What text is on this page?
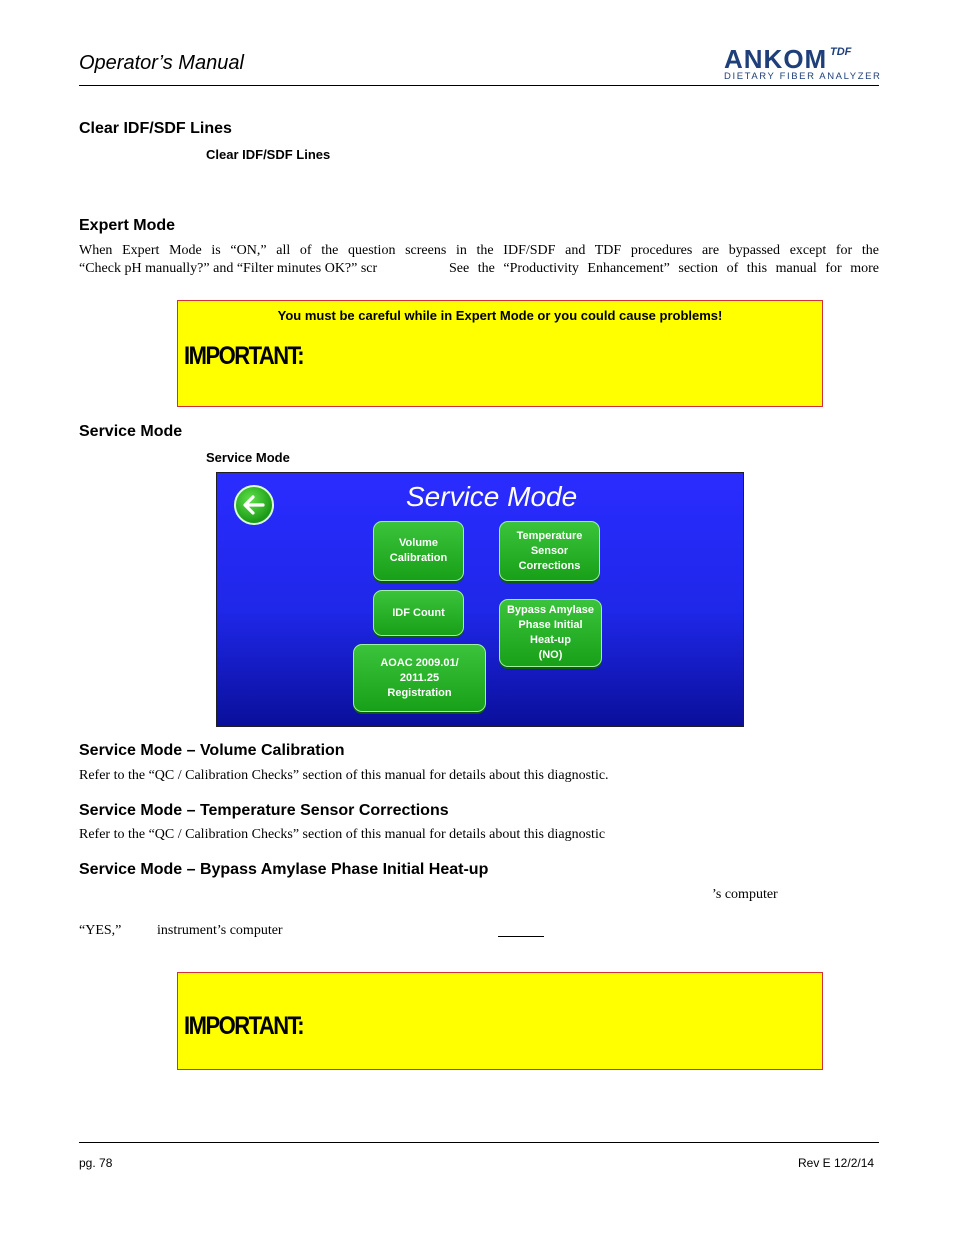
Operator’s Manual	ANKOM TDF
DIETARY FIBER ANALYZER
Clear IDF/SDF Lines
Clear IDF/SDF Lines
Expert Mode
When Expert Mode is “ON,” all of the question screens in the IDF/SDF and TDF procedures are bypassed except for the
“Check pH manually?” and “Filter minutes OK?” scr	See the “Productivity Enhancement” section of this manual for more
You must be careful while in Expert Mode or you could cause problems!
IMPORTANT:
Service Mode
Service Mode
Service Mode
Volume
Calibration
Temperature
Sensor
Corrections
IDF Count	Bypass Amylase
Phase Initial
Heat-up
(NO)
AOAC 2009.01/
2011.25
Registration
Service Mode – Volume Calibration
Refer to the “QC / Calibration Checks” section of this manual for details about this diagnostic.
Service Mode – Temperature Sensor Corrections
Refer to the “QC / Calibration Checks” section of this manual for details about this diagnostic
Service Mode – Bypass Amylase Phase Initial Heat-up
’s computer
“YES,”	instrument’s computer
IMPORTANT:
pg. 78	Rev E 12/2/14
